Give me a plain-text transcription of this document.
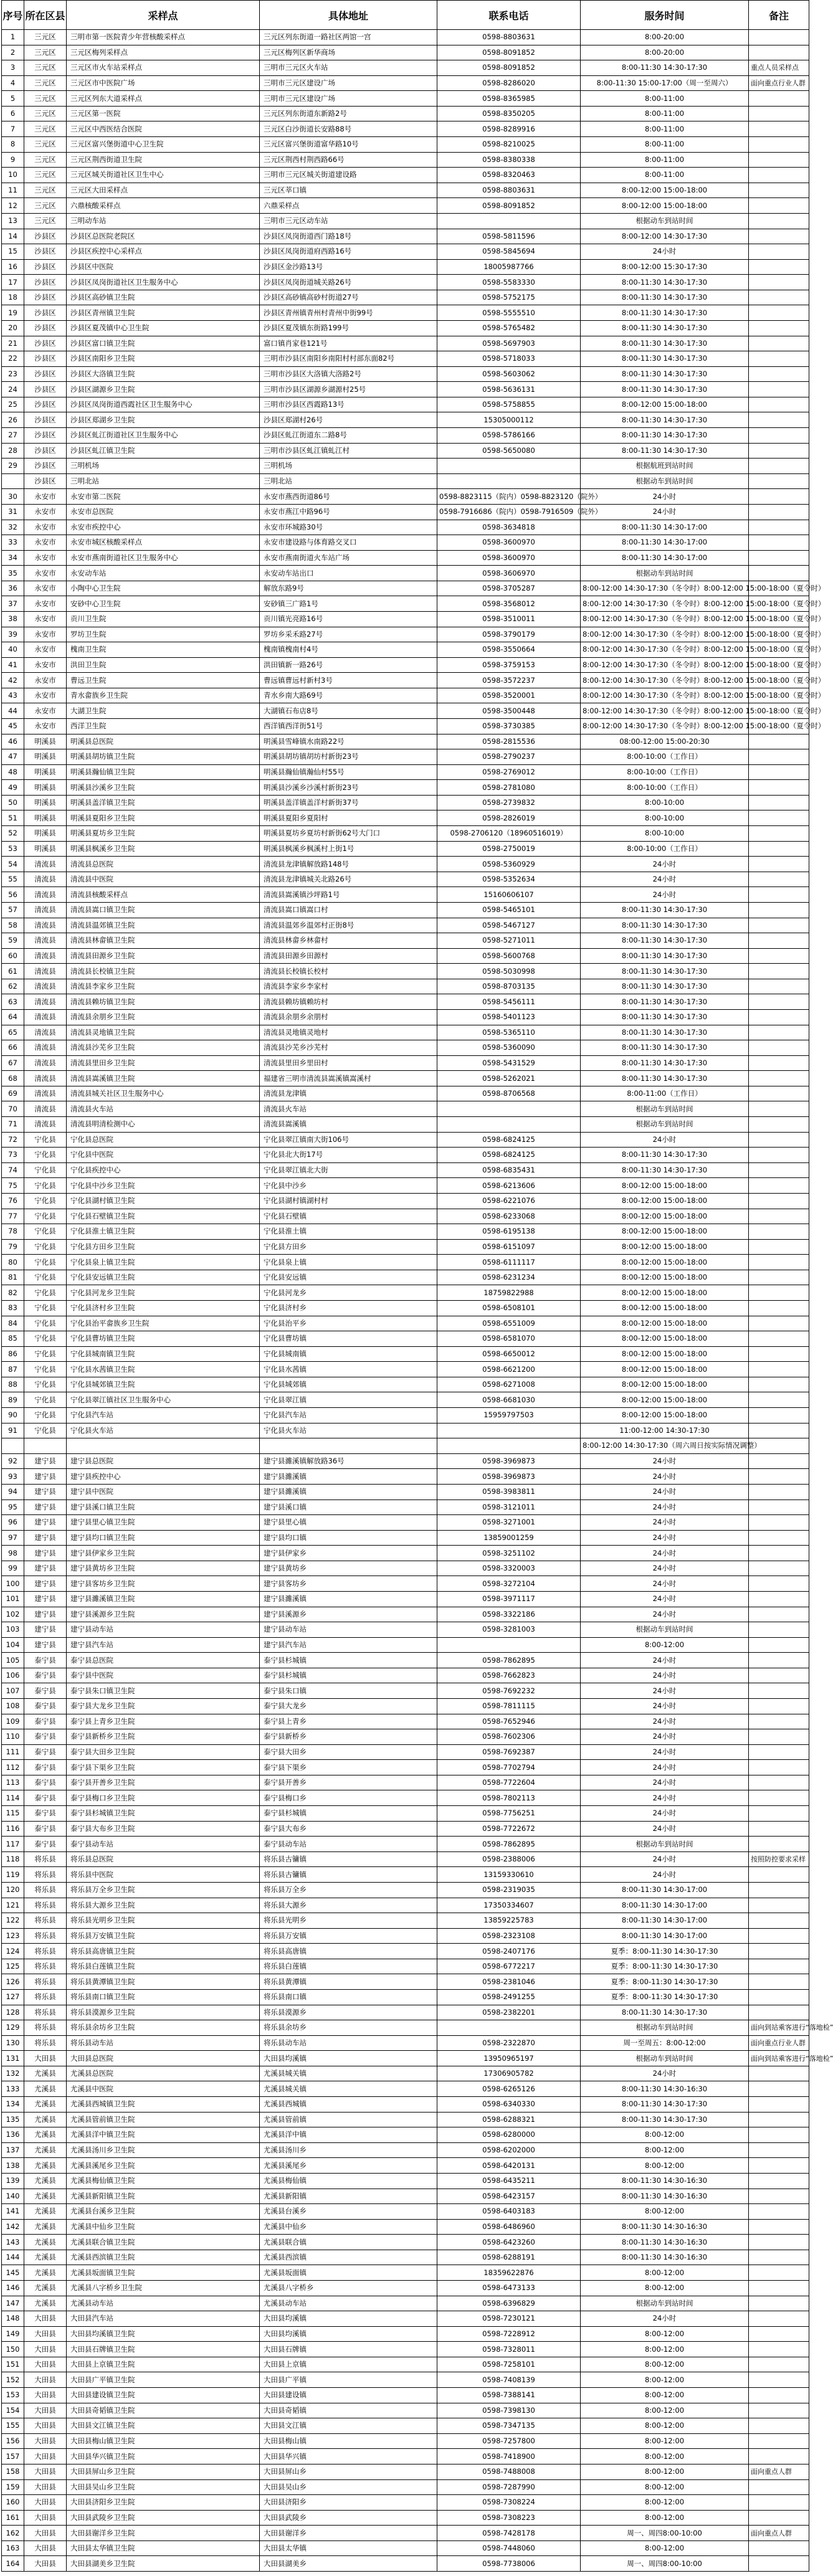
序号	所在区县	采样点	具体地址	联系电话	服务时间	备注
1	三元区	三明市第一医院青少年营核酸采样点	三元区列东街道一路社区两馆一宫	0598-8803631	8:00-20:00	
2	三元区	三元区梅列采样点	三元区梅列区新华商场	0598-8091852	8:00-20:00	
3	三元区	三元区市火车站采样点	三明市三元区火车站	0598-8091852	8:00-11:30 14:30-17:30	重点人员采样点
4	三元区	三元区市中医院广场	三明市三元区建设广场	0598-8286020	8:00-11:30 15:00-17:00（周一至周六）	面向重点行业人群
5	三元区	三元区列东大道采样点	三明市三元区建设广场	0598-8365985	8:00-11:00	
6	三元区	三元区第一医院	三元区列东街道东新路2号	0598-8350205	8:00-11:00	
7	三元区	三元区中西医结合医院	三元区白沙街道长安路88号	0598-8289916	8:00-11:00	
8	三元区	三元区富兴堡街道中心卫生院	三元区富兴堡街道富华路10号	0598-8210025	8:00-11:00	
9	三元区	三元区荆西街道卫生院	三元区荆西村荆西路66号	0598-8380338	8:00-11:00	
10	三元区	三元区城关街道社区卫生中心	三明市三元区城关街道建设路	0598-8320463	8:00-11:00	
11	三元区	三元区大田采样点	三元区莘口镇	0598-8803631	8:00-12:00 15:00-18:00	
12	三元区	六鼎核酸采样点	六鼎采样点	0598-8091852	8:00-12:00 15:00-18:00	
13	三元区	三明动车站	三明市三元区动车站		根据动车到站时间	
14	沙县区	沙县区总医院老院区	沙县区凤岗街道西门路18号	0598-5811596	8:00-12:00 14:30-17:30	
15	沙县区	沙县区疾控中心采样点	沙县区凤岗街道府西路16号	0598-5845694	24小时	
16	沙县区	沙县区中医院	沙县区金沙路13号	18005987766	8:00-12:00 15:30-17:30	
17	沙县区	沙县区凤岗街道社区卫生服务中心	沙县区凤岗街道城关路26号	0598-5583330	8:00-11:30 14:30-17:30	
18	沙县区	沙县区高砂镇卫生院	沙县区高砂镇高砂村街道27号	0598-5752175	8:00-11:30 14:30-17:30	
19	沙县区	沙县区青州镇卫生院	沙县区青州镇青州村青州中街99号	0598-5555510	8:00-11:30 14:30-17:30	
20	沙县区	沙县区夏茂镇中心卫生院	沙县区夏茂镇东街路199号	0598-5765482	8:00-11:30 14:30-17:30	
21	沙县区	沙县区富口镇卫生院	富口镇肖家巷121号	0598-5697903	8:00-11:30 14:30-17:30	
22	沙县区	沙县区南阳乡卫生院	三明市沙县区南阳乡南阳村村部东面82号	0598-5718033	8:00-11:30 14:30-17:30	
23	沙县区	沙县区大洛镇卫生院	三明市沙县区大洛镇大洛路2号	0598-5603062	8:00-11:30 14:30-17:30	
24	沙县区	沙县区湖源乡卫生院	三明市沙县区湖源乡湖源村25号	0598-5636131	8:00-11:30 14:30-17:30	
25	沙县区	沙县区凤岗街道西霞社区卫生服务中心	三明市沙县区西霞路13号	0598-5758855	8:00-12:00 15:00-18:00	
26	沙县区	沙县区郑湖乡卫生院	沙县区郑湖村26号	15305000112	8:00-11:30 14:30-17:30	
27	沙县区	沙县区虬江街道社区卫生服务中心	沙县区虬江街道东二路8号	0598-5786166	8:00-11:30 14:30-17:30	
28	沙县区	沙县区虬江镇卫生院	三明市沙县区虬江镇虬江村	0598-5650080	8:00-11:30 14:30-17:30	
29	沙县区	三明机场	三明机场		根据航班到站时间	
	沙县区	三明北站	三明北站		根据动车到站时间	
30	永安市	永安市第二医院	永安市燕西街道86号	0598-8823115（院内）0598-8823120（院外）	24小时	
31	永安市	永安市总医院	永安市燕江中路96号	0598-7916686（院内）0598-7916509（院外）	24小时	
32	永安市	永安市疾控中心	永安市环城路30号	0598-3634818	8:00-11:30 14:30-17:00	
33	永安市	永安市城区核酸采样点	永安市建设路与体育路交叉口	0598-3600970	8:00-11:30 14:30-17:00	
34	永安市	永安市燕南街道社区卫生服务中心	永安市燕南街道火车站广场	0598-3600970	8:00-11:30 14:30-17:00	
35	永安市	永安动车站	永安动车站出口	0598-3606970	根据动车到站时间	
36	永安市	小陶中心卫生院	解放东路9号	0598-3705287	8:00-12:00 14:30-17:30（冬令时）8:00-12:00 15:00-18:00（夏令时）	
37	永安市	安砂中心卫生院	安砂镇三广路1号	0598-3568012	8:00-12:00 14:30-17:30（冬令时）8:00-12:00 15:00-18:00（夏令时）	
38	永安市	贡川卫生院	贡川镇光亮路16号	0598-3510011	8:00-12:00 14:30-17:30（冬令时）8:00-12:00 15:00-18:00（夏令时）	
39	永安市	罗坊卫生院	罗坊乡采禾路27号	0598-3790179	8:00-12:00 14:30-17:30（冬令时）8:00-12:00 15:00-18:00（夏令时）	
40	永安市	槐南卫生院	槐南镇槐南村4号	0598-3550664	8:00-12:00 14:30-17:30（冬令时）8:00-12:00 15:00-18:00（夏令时）	
41	永安市	洪田卫生院	洪田镇新一路26号	0598-3759153	8:00-12:00 14:30-17:30（冬令时）8:00-12:00 15:00-18:00（夏令时）	
42	永安市	曹远卫生院	曹远镇曹远村新村3号	0598-3572237	8:00-12:00 14:30-17:30（冬令时）8:00-12:00 15:00-18:00（夏令时）	
43	永安市	青水畲族乡卫生院	青水乡南大路69号	0598-3520001	8:00-12:00 14:30-17:30（冬令时）8:00-12:00 15:00-18:00（夏令时）	
44	永安市	大湖卫生院	大湖镇石布店8号	0598-3500448	8:00-12:00 14:30-17:30（冬令时）8:00-12:00 15:00-18:00（夏令时）	
45	永安市	西洋卫生院	西洋镇西洋街51号	0598-3730385	8:00-12:00 14:30-17:30（冬令时）8:00-12:00 15:00-18:00（夏令时）	
46	明溪县	明溪县总医院	明溪县雪峰镇水南路22号	0598-2815536	08:00-12:00 15:00-20:30	
47	明溪县	明溪县胡坊镇卫生院	明溪县胡坊镇胡坊村新街23号	0598-2790237	8:00-10:00（工作日）	
48	明溪县	明溪县瀚仙镇卫生院	明溪县瀚仙镇瀚仙村55号	0598-2769012	8:00-10:00（工作日）	
49	明溪县	明溪县沙溪乡卫生院	明溪县沙溪乡沙溪村新街23号	0598-2781080	8:00-10:00（工作日）	
50	明溪县	明溪县盖洋镇卫生院	明溪县盖洋镇盖洋村新街37号	0598-2739832	8:00-10:00	
51	明溪县	明溪县夏阳乡卫生院	明溪县夏阳乡夏阳村	0598-2826019	8:00-10:00	
52	明溪县	明溪县夏坊乡卫生院	明溪县夏坊乡夏坊村新街62号大门口	0598-2706120（18960516019）	8:00-10:00	
53	明溪县	明溪县枫溪乡卫生院	明溪县枫溪乡枫溪村上街1号	0598-2750019	8:00-10:00（工作日）	
54	清流县	清流县总医院	清流县龙津镇解放路148号	0598-5360929	24小时	
55	清流县	清流县中医院	清流县龙津镇城关北路26号	0598-5352634	24小时	
56	清流县	清流县核酸采样点	清流县嵩溪镇沙坪路1号	15160606107	24小时	
57	清流县	清流县嵩口镇卫生院	清流县嵩口镇嵩口村	0598-5465101	8:00-11:30 14:30-17:30	
58	清流县	清流县温郊镇卫生院	清流县温郊乡温郊村正街8号	0598-5467127	8:00-11:30 14:30-17:30	
59	清流县	清流县林畲镇卫生院	清流县林畲乡林畲村	0598-5271011	8:00-11:30 14:30-17:30	
60	清流县	清流县田源乡卫生院	清流县田源乡田源村	0598-5600768	8:00-11:30 14:30-17:30	
61	清流县	清流县长校镇卫生院	清流县长校镇长校村	0598-5030998	8:00-11:30 14:30-17:30	
62	清流县	清流县李家乡卫生院	清流县李家乡李家村	0598-8703135	8:00-11:30 14:30-17:30	
63	清流县	清流县赖坊镇卫生院	清流县赖坊镇赖坊村	0598-5456111	8:00-11:30 14:30-17:30	
64	清流县	清流县余朋乡卫生院	清流县余朋乡余朋村	0598-5401123	8:00-11:30 14:30-17:30	
65	清流县	清流县灵地镇卫生院	清流县灵地镇灵地村	0598-5365110	8:00-11:30 14:30-17:30	
66	清流县	清流县沙芜乡卫生院	清流县沙芜乡沙芜村	0598-5360090	8:00-11:30 14:30-17:30	
67	清流县	清流县里田乡卫生院	清流县里田乡里田村	0598-5431529	8:00-11:30 14:30-17:30	
68	清流县	清流县嵩溪镇卫生院	福建省三明市清流县嵩溪镇嵩溪村	0598-5262021	8:00-11:30 14:30-17:30	
69	清流县	清流县城关社区卫生服务中心	清流县龙津镇	0598-8706568	8:00-11:00（工作日）	
70	清流县	清流县火车站	清流县火车站		根据动车到站时间	
71	清流县	清流县明清检测中心	清流县嵩溪镇		根据动车到站时间	
72	宁化县	宁化县总医院	宁化县翠江镇南大街106号	0598-6824125	24小时	
73	宁化县	宁化县中医院	宁化县北大街17号	0598-6824125	8:00-11:30 14:30-17:30	
74	宁化县	宁化县疾控中心	宁化县翠江镇北大街	0598-6835431	8:00-11:30 14:30-17:30	
75	宁化县	宁化县中沙乡卫生院	宁化县中沙乡	0598-6213606	8:00-12:00 15:00-18:00	
76	宁化县	宁化县湖村镇卫生院	宁化县湖村镇湖村村	0598-6221076	8:00-12:00 15:00-18:00	
77	宁化县	宁化县石壁镇卫生院	宁化县石壁镇	0598-6233068	8:00-12:00 15:00-18:00	
78	宁化县	宁化县淮土镇卫生院	宁化县淮土镇	0598-6195138	8:00-12:00 15:00-18:00	
79	宁化县	宁化县方田乡卫生院	宁化县方田乡	0598-6151097	8:00-12:00 15:00-18:00	
80	宁化县	宁化县泉上镇卫生院	宁化县泉上镇	0598-6111117	8:00-12:00 15:00-18:00	
81	宁化县	宁化县安远镇卫生院	宁化县安远镇	0598-6231234	8:00-12:00 15:00-18:00	
82	宁化县	宁化县河龙乡卫生院	宁化县河龙乡	18759822988	8:00-12:00 15:00-18:00	
83	宁化县	宁化县济村乡卫生院	宁化县济村乡	0598-6508101	8:00-12:00 15:00-18:00	
84	宁化县	宁化县治平畲族乡卫生院	宁化县治平乡	0598-6551009	8:00-12:00 15:00-18:00	
85	宁化县	宁化县曹坊镇卫生院	宁化县曹坊镇	0598-6581070	8:00-12:00 15:00-18:00	
86	宁化县	宁化县城南镇卫生院	宁化县城南镇	0598-6650012	8:00-12:00 15:00-18:00	
87	宁化县	宁化县水茜镇卫生院	宁化县水茜镇	0598-6621200	8:00-12:00 15:00-18:00	
88	宁化县	宁化县城郊镇卫生院	宁化县城郊镇	0598-6271008	8:00-12:00 15:00-18:00	
89	宁化县	宁化县翠江镇社区卫生服务中心	宁化县翠江镇	0598-6681030	8:00-12:00 15:00-18:00	
90	宁化县	宁化县汽车站	宁化县汽车站	15959797503	8:00-12:00 15:00-18:00	
91	宁化县	宁化县火车站	宁化县火车站		11:00-12:00 14:30-17:30	
					8:00-12:00 14:30-17:30（周六周日按实际情况调整）	
92	建宁县	建宁县总医院	建宁县濉溪镇解放路36号	0598-3969873	24小时	
93	建宁县	建宁县疾控中心	建宁县濉溪镇	0598-3969873	24小时	
94	建宁县	建宁县中医院	建宁县濉溪镇	0598-3983811	24小时	
95	建宁县	建宁县溪口镇卫生院	建宁县溪口镇	0598-3121011	24小时	
96	建宁县	建宁县里心镇卫生院	建宁县里心镇	0598-3271001	24小时	
97	建宁县	建宁县均口镇卫生院	建宁县均口镇	13859001259	24小时	
98	建宁县	建宁县伊家乡卫生院	建宁县伊家乡	0598-3251102	24小时	
99	建宁县	建宁县黄坊乡卫生院	建宁县黄坊乡	0598-3320003	24小时	
100	建宁县	建宁县客坊乡卫生院	建宁县客坊乡	0598-3272104	24小时	
101	建宁县	建宁县濉溪镇卫生院	建宁县濉溪镇	0598-3971117	24小时	
102	建宁县	建宁县溪源乡卫生院	建宁县溪源乡	0598-3322186	24小时	
103	建宁县	建宁县动车站	建宁县动车站	0598-3281003	根据动车到站时间	
104	建宁县	建宁县汽车站	建宁县汽车站		8:00-12:00	
105	泰宁县	泰宁县总医院	泰宁县杉城镇	0598-7862895	24小时	
106	泰宁县	泰宁县中医院	泰宁县杉城镇	0598-7662823	24小时	
107	泰宁县	泰宁县朱口镇卫生院	泰宁县朱口镇	0598-7692232	24小时	
108	泰宁县	泰宁县大龙乡卫生院	泰宁县大龙乡	0598-7811115	24小时	
109	泰宁县	泰宁县上青乡卫生院	泰宁县上青乡	0598-7652946	24小时	
110	泰宁县	泰宁县新桥乡卫生院	泰宁县新桥乡	0598-7602306	24小时	
111	泰宁县	泰宁县大田乡卫生院	泰宁县大田乡	0598-7692387	24小时	
112	泰宁县	泰宁县下渠乡卫生院	泰宁县下渠乡	0598-7702794	24小时	
113	泰宁县	泰宁县开善乡卫生院	泰宁县开善乡	0598-7722604	24小时	
114	泰宁县	泰宁县梅口乡卫生院	泰宁县梅口乡	0598-7802113	24小时	
115	泰宁县	泰宁县杉城镇卫生院	泰宁县杉城镇	0598-7756251	24小时	
116	泰宁县	泰宁县大布乡卫生院	泰宁县大布乡	0598-7722672	24小时	
117	泰宁县	泰宁县动车站	泰宁县动车站	0598-7862895	根据动车到站时间	
118	将乐县	将乐县总医院	将乐县古镛镇	0598-2388006	24小时	按照防控要求采样
119	将乐县	将乐县中医院	将乐县古镛镇	13159330610	24小时	
120	将乐县	将乐县万全乡卫生院	将乐县万全乡	0598-2319035	8:00-11:30 14:30-17:00	
121	将乐县	将乐县大源乡卫生院	将乐县大源乡	17350334607	8:00-11:30 14:30-17:00	
122	将乐县	将乐县光明乡卫生院	将乐县光明乡	13859225783	8:00-11:30 14:30-17:00	
123	将乐县	将乐县万安镇卫生院	将乐县万安镇	0598-2323108	8:00-11:30 14:30-17:00	
124	将乐县	将乐县高唐镇卫生院	将乐县高唐镇	0598-2407176	夏季：8:00-11:30 14:30-17:30	
125	将乐县	将乐县白莲镇卫生院	将乐县白莲镇	0598-6772217	夏季：8:00-11:30 14:30-17:30	
126	将乐县	将乐县黄潭镇卫生院	将乐县黄潭镇	0598-2381046	夏季：8:00-11:30 14:30-17:30	
127	将乐县	将乐县南口镇卫生院	将乐县南口镇	0598-2491255	夏季：8:00-11:30 14:30-17:30	
128	将乐县	将乐县漠源乡卫生院	将乐县漠源乡	0598-2382201	8:00-11:30 14:30-17:30	
129	将乐县	将乐县余坊乡卫生院	将乐县余坊乡		根据动车到站时间	面向到站乘客进行“落地检”
130	将乐县	将乐县动车站	将乐县动车站	0598-2322870	周一至周五：8:00-12:00	面向重点行业人群
131	大田县	大田县总医院	大田县均溪镇	13950965197	根据动车到站时间	面向到站乘客进行“落地检”
132	尤溪县	尤溪县总医院	尤溪县城关镇	17306905782	24小时	
133	尤溪县	尤溪县中医院	尤溪县城关镇	0598-6265126	8:00-11:30 14:30-16:30	
134	尤溪县	尤溪县西城镇卫生院	尤溪县西城镇	0598-6340330	8:00-11:30 14:30-17:30	
135	尤溪县	尤溪县管前镇卫生院	尤溪县管前镇	0598-6288321	8:00-11:30 14:30-17:30	
136	尤溪县	尤溪县洋中镇卫生院	尤溪县洋中镇	0598-6280000	8:00-12:00	
137	尤溪县	尤溪县汤川乡卫生院	尤溪县汤川乡	0598-6202000	8:00-12:00	
138	尤溪县	尤溪县溪尾乡卫生院	尤溪县溪尾乡	0598-6420131	8:00-12:00	
139	尤溪县	尤溪县梅仙镇卫生院	尤溪县梅仙镇	0598-6435211	8:00-11:30 14:30-16:30	
140	尤溪县	尤溪县新阳镇卫生院	尤溪县新阳镇	0598-6423157	8:00-11:30 14:30-16:30	
141	尤溪县	尤溪县台溪乡卫生院	尤溪县台溪乡	0598-6403183	8:00-12:00	
142	尤溪县	尤溪县中仙乡卫生院	尤溪县中仙乡	0598-6486960	8:00-11:30 14:30-16:30	
143	尤溪县	尤溪县联合镇卫生院	尤溪县联合镇	0598-6423260	8:00-11:30 14:30-16:30	
144	尤溪县	尤溪县西滨镇卫生院	尤溪县西滨镇	0598-6288191	8:00-11:30 14:30-16:30	
145	尤溪县	尤溪县坂面镇卫生院	尤溪县坂面镇	18359622876	8:00-12:00	
146	尤溪县	尤溪县八字桥乡卫生院	尤溪县八字桥乡	0598-6473133	8:00-12:00	
147	尤溪县	尤溪县动车站	尤溪县动车站	0598-6396829	根据动车到站时间	
148	大田县	大田县汽车站	大田县均溪镇	0598-7230121	24小时	
149	大田县	大田县均溪镇卫生院	大田县均溪镇	0598-7228912	8:00-12:00	
150	大田县	大田县石牌镇卫生院	大田县石牌镇	0598-7328011	8:00-12:00	
151	大田县	大田县上京镇卫生院	大田县上京镇	0598-7258101	8:00-12:00	
152	大田县	大田县广平镇卫生院	大田县广平镇	0598-7408139	8:00-12:00	
153	大田县	大田县建设镇卫生院	大田县建设镇	0598-7388141	8:00-12:00	
154	大田县	大田县奇韬镇卫生院	大田县奇韬镇	0598-7398130	8:00-12:00	
155	大田县	大田县文江镇卫生院	大田县文江镇	0598-7347135	8:00-12:00	
156	大田县	大田县梅山镇卫生院	大田县梅山镇	0598-7257800	8:00-12:00	
157	大田县	大田县华兴镇卫生院	大田县华兴镇	0598-7418900	8:00-12:00	
158	大田县	大田县屏山乡卫生院	大田县屏山乡	0598-7488008	8:00-12:00	面向重点人群
159	大田县	大田县吴山乡卫生院	大田县吴山乡	0598-7287990	8:00-12:00	
160	大田县	大田县济阳乡卫生院	大田县济阳乡	0598-7308224	8:00-12:00	
161	大田县	大田县武陵乡卫生院	大田县武陵乡	0598-7308223	8:00-12:00	
162	大田县	大田县谢洋乡卫生院	大田县谢洋乡	0598-7428178	周一、周四8:00-10:00	面向重点人群
163	大田县	大田县太华镇卫生院	大田县太华镇	0598-7448060	8:00-12:00	
164	大田县	大田县湖美乡卫生院	大田县湖美乡	0598-7738006	周一、周四8:00-10:00	
